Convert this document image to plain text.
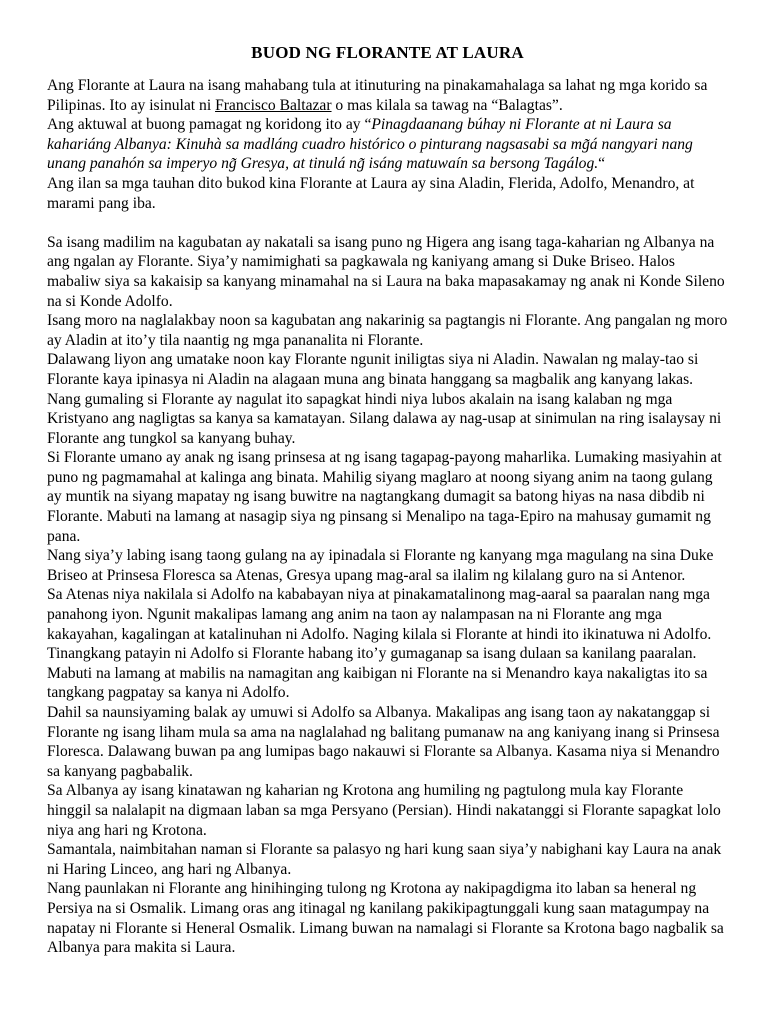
BUOD NG FLORANTE AT LAURA

Ang Florante at Laura na isang mahabang tula at itinuturing na pinakamahalaga sa lahat ng mga korido sa Pilipinas. Ito ay isinulat ni Francisco Baltazar o mas kilala sa tawag na “Balagtas”.

Ang aktuwal at buong pamagat ng koridong ito ay “Pinagdaanang búhay ni Florante at ni Laura sa kahariáng Albanya: Kinuhà sa madláng cuadro histórico o pinturang nagsasabi sa mg̃á nangyari nang unang panahón sa imperyo ng̃ Gresya, at tinulá ng̃ isáng matuwaín sa bersong Tagálog.“

Ang ilan sa mga tauhan dito bukod kina Florante at Laura ay sina Aladin, Flerida, Adolfo, Menandro, at marami pang iba.

Sa isang madilim na kagubatan ay nakatali sa isang puno ng Higera ang isang taga-kaharian ng Albanya na ang ngalan ay Florante. Siya’y namimighati sa pagkawala ng kaniyang amang si Duke Briseo. Halos mabaliw siya sa kakaisip sa kanyang minamahal na si Laura na baka mapasakamay ng anak ni Konde Sileno na si Konde Adolfo.

Isang moro na naglalakbay noon sa kagubatan ang nakarinig sa pagtangis ni Florante. Ang pangalan ng moro ay Aladin at ito’y tila naantig ng mga pananalita ni Florante.

Dalawang liyon ang umatake noon kay Florante ngunit iniligtas siya ni Aladin. Nawalan ng malay-tao si Florante kaya ipinasya ni Aladin na alagaan muna ang binata hanggang sa magbalik ang kanyang lakas.

Nang gumaling si Florante ay nagulat ito sapagkat hindi niya lubos akalain na isang kalaban ng mga Kristyano ang nagligtas sa kanya sa kamatayan. Silang dalawa ay nag-usap at sinimulan na ring isalaysay ni Florante ang tungkol sa kanyang buhay.

Si Florante umano ay anak ng isang prinsesa at ng isang tagapag-payong maharlika. Lumaking masiyahin at puno ng pagmamahal at kalinga ang binata. Mahilig siyang maglaro at noong siyang anim na taong gulang ay muntik na siyang mapatay ng isang buwitre na nagtangkang dumagit sa batong hiyas na nasa dibdib ni Florante. Mabuti na lamang at nasagip siya ng pinsang si Menalipo na taga-Epiro na mahusay gumamit ng pana.

Nang siya’y labing isang taong gulang na ay ipinadala si Florante ng kanyang mga magulang na sina Duke Briseo at Prinsesa Floresca sa Atenas, Gresya upang mag-aral sa ilalim ng kilalang guro na si Antenor.

Sa Atenas niya nakilala si Adolfo na kababayan niya at pinakamatalinong mag-aaral sa paaralan nang mga panahong iyon. Ngunit makalipas lamang ang anim na taon ay nalampasan na ni Florante ang mga kakayahan, kagalingan at katalinuhan ni Adolfo. Naging kilala si Florante at hindi ito ikinatuwa ni Adolfo.

Tinangkang patayin ni Adolfo si Florante habang ito’y gumaganap sa isang dulaan sa kanilang paaralan. Mabuti na lamang at mabilis na namagitan ang kaibigan ni Florante na si Menandro kaya nakaligtas ito sa tangkang pagpatay sa kanya ni Adolfo.

Dahil sa naunsiyaming balak ay umuwi si Adolfo sa Albanya. Makalipas ang isang taon ay nakatanggap si Florante ng isang liham mula sa ama na naglalahad ng balitang pumanaw na ang kaniyang inang si Prinsesa Floresca. Dalawang buwan pa ang lumipas bago nakauwi si Florante sa Albanya. Kasama niya si Menandro sa kanyang pagbabalik.

Sa Albanya ay isang kinatawan ng kaharian ng Krotona ang humiling ng pagtulong mula kay Florante hinggil sa nalalapit na digmaan laban sa mga Persyano (Persian). Hindi nakatanggi si Florante sapagkat lolo niya ang hari ng Krotona.

Samantala, naimbitahan naman si Florante sa palasyo ng hari kung saan siya’y nabighani kay Laura na anak ni Haring Linceo, ang hari ng Albanya.

Nang paunlakan ni Florante ang hinihinging tulong ng Krotona ay nakipagdigma ito laban sa heneral ng Persiya na si Osmalik. Limang oras ang itinagal ng kanilang pakikipagtunggali kung saan matagumpay na napatay ni Florante si Heneral Osmalik. Limang buwan na namalagi si Florante sa Krotona bago nagbalik sa Albanya para makita si Laura.
